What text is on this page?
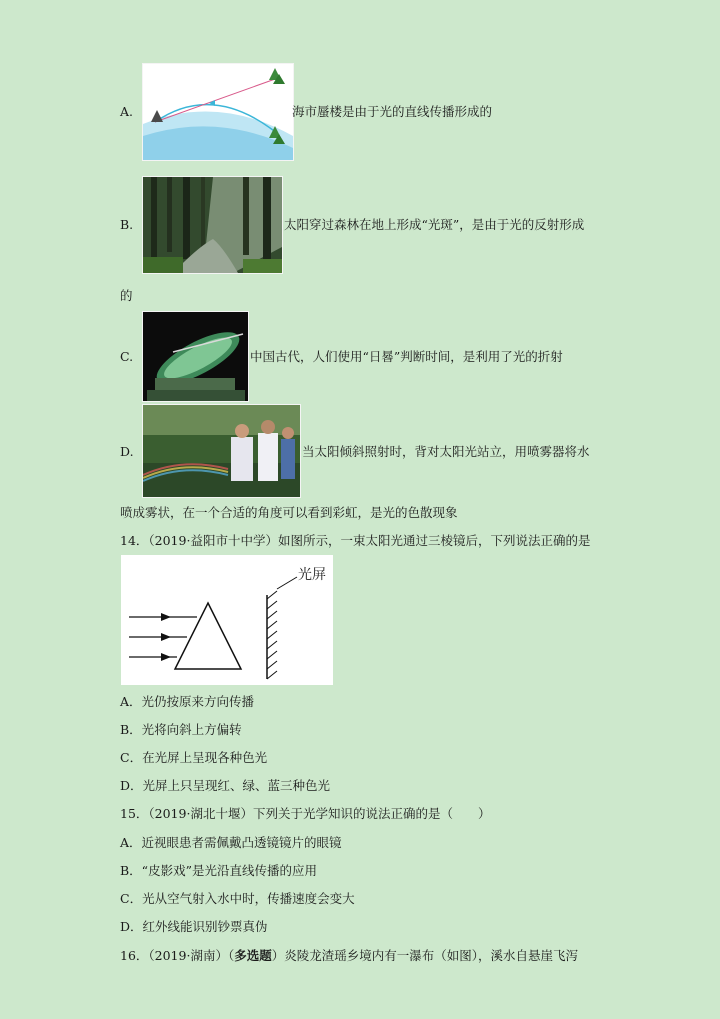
A.	海市蜃楼是由于光的直线传播形成的
B.	太阳穿过森林在地上形成“光斑”，是由于光的反射形成
的
C.	中国古代，人们使用“日晷”判断时间，是利用了光的折射
D.	当太阳倾斜照射时，背对太阳光站立，用喷雾器将水
喷成雾状，在一个合适的角度可以看到彩虹，是光的色散现象
14．（2019·益阳市十中学）如图所示，一束太阳光通过三棱镜后，下列说法正确的是
光屏
A．光仍按原来方向传播
B．光将向斜上方偏转
C．在光屏上呈现各种色光
D．光屏上只呈现红、绿、蓝三种色光
15．（2019·湖北十堰）下列关于光学知识的说法正确的是（　　）
A．近视眼患者需佩戴凸透镜镜片的眼镜
B．“皮影戏”是光沿直线传播的应用
C．光从空气射入水中时，传播速度会变大
D．红外线能识别钞票真伪
16．（2019·湖南）（多选题）炎陵龙渣瑶乡境内有一瀑布（如图），溪水自悬崖飞泻
